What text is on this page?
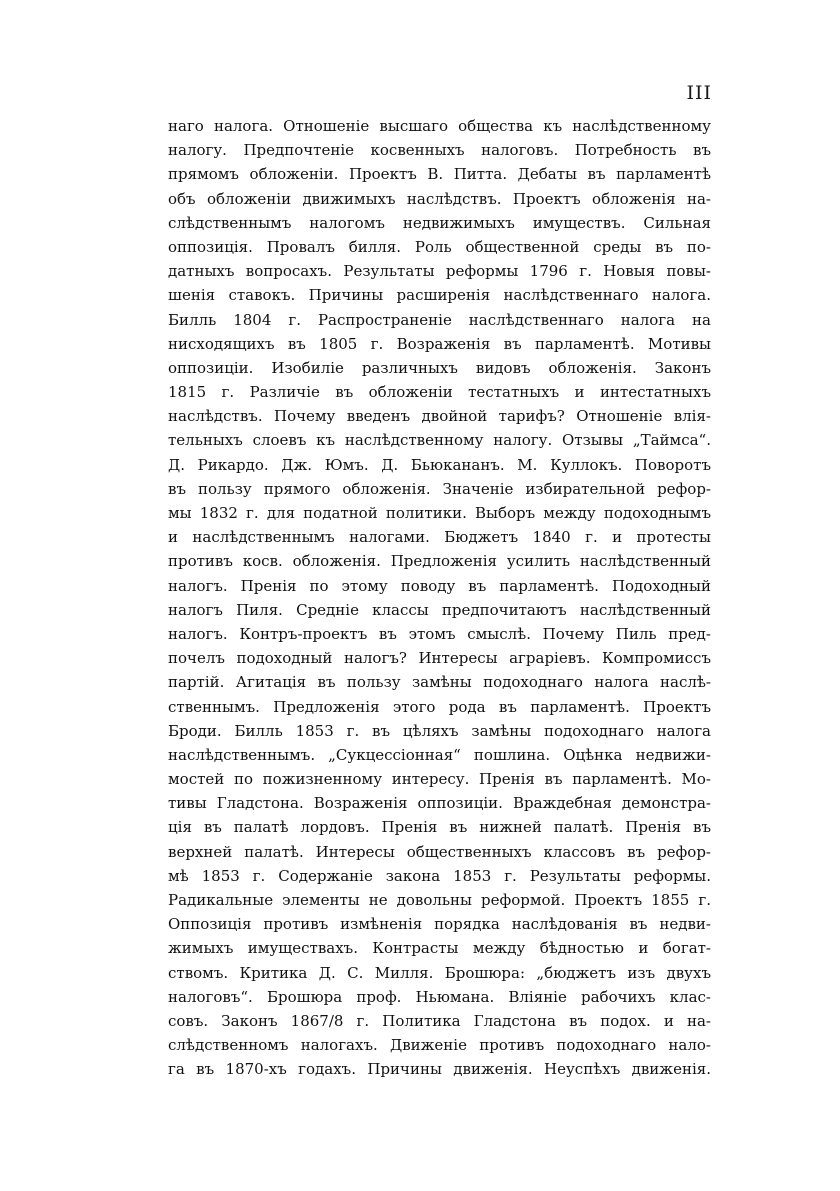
III
наго налога. Отношеніе высшаго общества къ наслѣдственному
налогу. Предпочтеніе косвенныхъ налоговъ. Потребность въ
прямомъ обложеніи. Проектъ В. Питта. Дебаты въ парламентѣ
объ обложеніи движимыхъ наслѣдствъ. Проектъ обложенія на-
слѣдственнымъ налогомъ недвижимыхъ имуществъ. Сильная
оппозиція. Провалъ билля. Роль общественной среды въ по-
датныхъ вопросахъ. Результаты реформы 1796 г. Новыя повы-
шенія ставокъ. Причины расширенія наслѣдственнаго налога.
Билль 1804 г. Распространеніе наслѣдственнаго налога на
нисходящихъ въ 1805 г. Возраженія въ парламентѣ. Мотивы
оппозиціи. Изобиліе различныхъ видовъ обложенія. Законъ
1815 г. Различіе въ обложеніи тестатныхъ и интестатныхъ
наслѣдствъ. Почему введенъ двойной тарифъ? Отношеніе влія-
тельныхъ слоевъ къ наслѣдственному налогу. Отзывы „Таймса“.
Д. Рикардо. Дж. Юмъ. Д. Бьюкананъ. М. Куллокъ. Поворотъ
въ пользу прямого обложенія. Значеніе избирательной рефор-
мы 1832 г. для податной политики. Выборъ между подоходнымъ
и наслѣдственнымъ налогами. Бюджетъ 1840 г. и протесты
противъ косв. обложенія. Предложенія усилить наслѣдственный
налогъ. Пренія по этому поводу въ парламентѣ. Подоходный
налогъ Пиля. Средніе классы предпочитаютъ наслѣдственный
налогъ. Контръ-проектъ въ этомъ смыслѣ. Почему Пиль пред-
почелъ подоходный налогъ? Интересы аграріевъ. Компромиссъ
партій. Агитація въ пользу замѣны подоходнаго налога наслѣ-
ственнымъ. Предложенія этого рода въ парламентѣ. Проектъ
Броди. Билль 1853 г. въ цѣляхъ замѣны подоходнаго налога
наслѣдственнымъ. „Сукцессіонная“ пошлина. Оцѣнка недвижи-
мостей по пожизненному интересу. Пренія въ парламентѣ. Мо-
тивы Гладстона. Возраженія оппозиціи. Враждебная демонстра-
ція въ палатѣ лордовъ. Пренія въ нижней палатѣ. Пренія въ
верхней палатѣ. Интересы общественныхъ классовъ въ рефор-
мѣ 1853 г. Содержаніе закона 1853 г. Результаты реформы.
Радикальные элементы не довольны реформой. Проектъ 1855 г.
Оппозиція противъ измѣненія порядка наслѣдованія въ недви-
жимыхъ имуществахъ. Контрасты между бѣдностью и богат-
ствомъ. Критика Д. С. Милля. Брошюра: „бюджетъ изъ двухъ
налоговъ“. Брошюра проф. Ньюмана. Вліяніе рабочихъ клас-
совъ. Законъ 1867/8 г. Политика Гладстона въ подох. и на-
слѣдственномъ налогахъ. Движеніе противъ подоходнаго нало-
га въ 1870-хъ годахъ. Причины движенія. Неуспѣхъ движенія.
